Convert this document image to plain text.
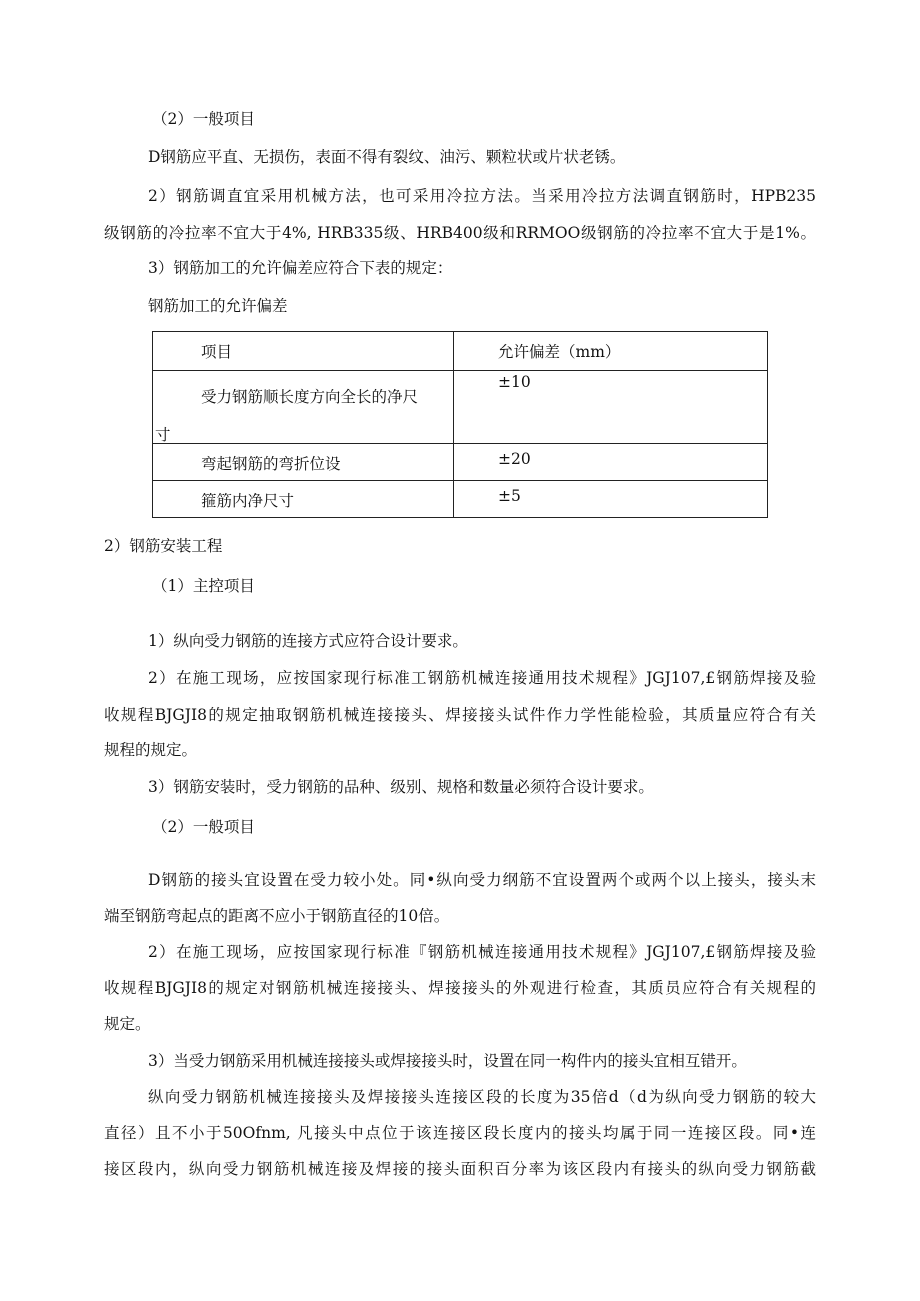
（2）一般项目
D钢筋应平直、无损伤，表面不得有裂纹、油污、颗粒状或片状老锈。
2）钢筋调直宜采用机械方法，也可采用冷拉方法。当采用冷拉方法调直钢筋时，HPB235
级钢筋的冷拉率不宜大于4%, HRB335级、HRB400级和RRMOO级钢筋的冷拉率不宜大于是1%。
3）钢筋加工的允许偏差应符合下表的规定：
钢筋加工的允许偏差
项目	允许偏差（mm）

受力钢筋顺长度方向全长的净尺
寸	±10

弯起钢筋的弯折位设	±20

箍筋内净尺寸	±5
2）钢筋安装工程
（1）主控项目
1）纵向受力钢筋的连接方式应符合设计要求。
2）在施工现场，应按国家现行标准工钢筋机械连接通用技术规程》JGJ107,£钢筋焊接及验
收规程BJGJI8的规定抽取钢筋机械连接接头、焊接接头试件作力学性能检验，其质量应符合有关
规程的规定。
3）钢筋安装时，受力钢筋的品种、级别、规格和数量必须符合设计要求。
（2）一般项目
D钢筋的接头宜设置在受力较小处。同•纵向受力纲筋不宜设置两个或两个以上接头，接头末
端至钢筋弯起点的距离不应小于钢筋直径的10倍。
2）在施工现场，应按国家现行标准『钢筋机械连接通用技术规程》JGJ107,£钢筋焊接及验
收规程BJGJI8的规定对钢筋机械连接接头、焊接接头的外观进行检查，其质员应符合有关规程的
规定。
3）当受力钢筋采用机械连接接头或焊接接头时，设置在同一构件内的接头宜相互错开。
纵向受力钢筋机械连接接头及焊接接头连接区段的长度为35倍d（d为纵向受力钢筋的较大
直径）且不小于50Ofnm, 凡接头中点位于该连接区段长度内的接头均属于同一连接区段。同•连
接区段内，纵向受力钢筋机械连接及焊接的接头面积百分率为该区段内有接头的纵向受力钢筋截
